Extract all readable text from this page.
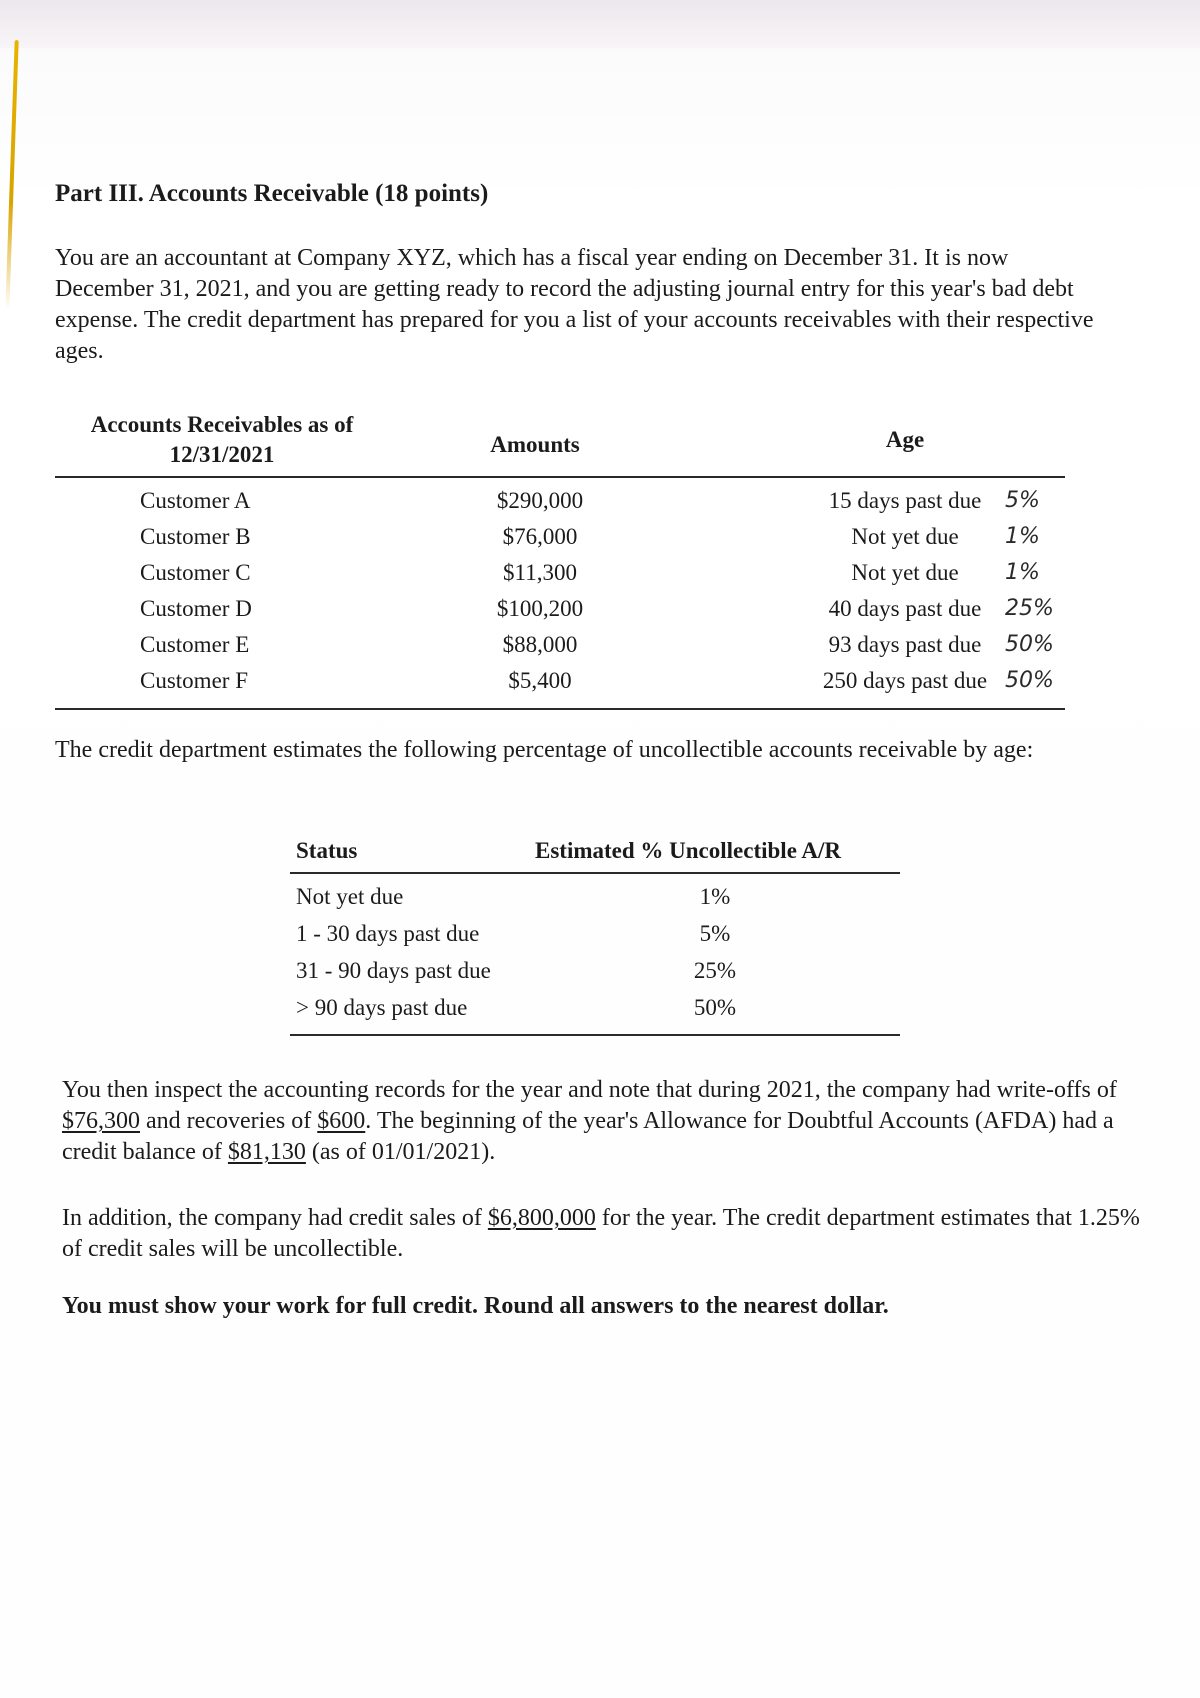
Part III. Accounts Receivable (18 points)

You are an accountant at Company XYZ, which has a fiscal year ending on December 31. It is now December 31, 2021, and you are getting ready to record the adjusting journal entry for this year's bad debt expense. The credit department has prepared for you a list of your accounts receivables with their respective ages.

Accounts Receivables as of 12/31/2021	Amounts	Age
Customer A	$290,000	15 days past due	5%
Customer B	$76,000	Not yet due	1%
Customer C	$11,300	Not yet due	1%
Customer D	$100,200	40 days past due	25%
Customer E	$88,000	93 days past due	50%
Customer F	$5,400	250 days past due 50%

The credit department estimates the following percentage of uncollectible accounts receivable by age:

Status	Estimated % Uncollectible A/R
Not yet due	1%
1 - 30 days past due	5%
31 - 90 days past due	25%
> 90 days past due	50%

You then inspect the accounting records for the year and note that during 2021, the company had write-offs of $76,300 and recoveries of $600. The beginning of the year's Allowance for Doubtful Accounts (AFDA) had a credit balance of $81,130 (as of 01/01/2021).

In addition, the company had credit sales of $6,800,000 for the year. The credit department estimates that 1.25% of credit sales will be uncollectible.

You must show your work for full credit. Round all answers to the nearest dollar.
